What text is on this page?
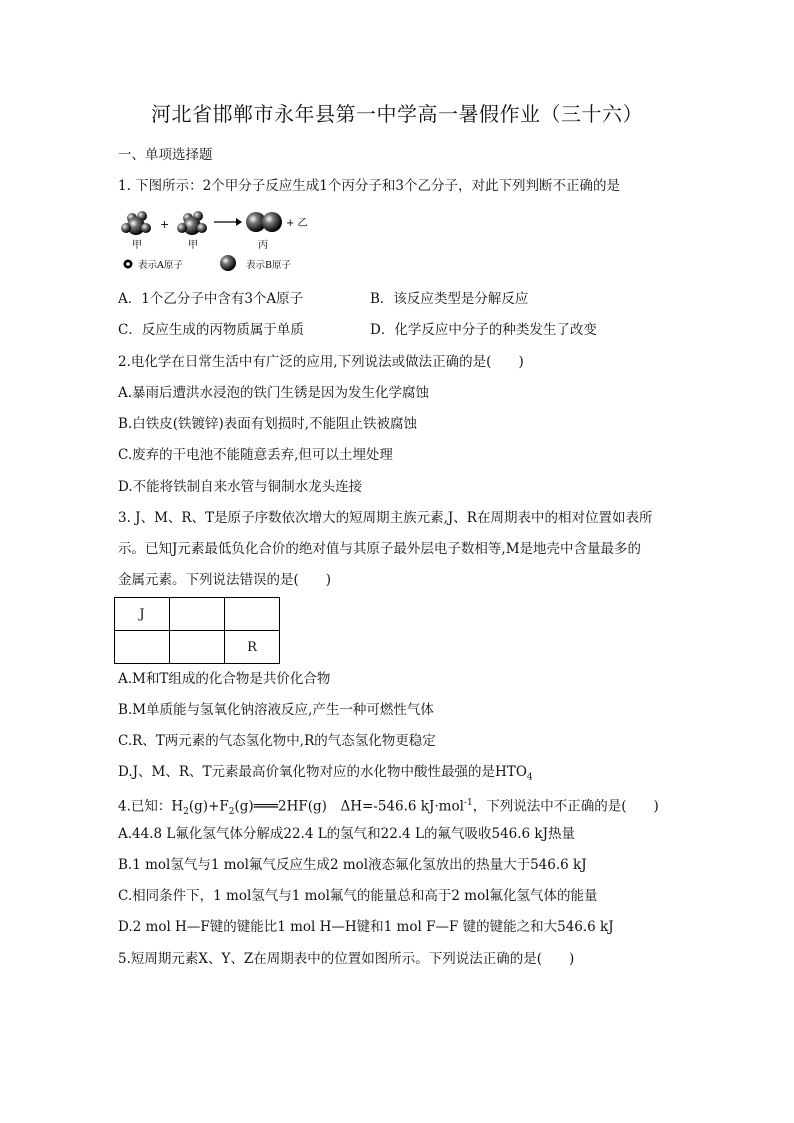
河北省邯郸市永年县第一中学高一暑假作业（三十六）
一、单项选择题
1. 下图所示：2个甲分子反应生成1个丙分子和3个乙分子，对此下列判断不正确的是
甲
+
甲	丙
+ 乙
表示A原子	表示B原子
A．1个乙分子中含有3个A原子	B．该反应类型是分解反应
C．反应生成的丙物质属于单质	D．化学反应中分子的种类发生了改变
2.电化学在日常生活中有广泛的应用,下列说法或做法正确的是(　　)
A.暴雨后遭洪水浸泡的铁门生锈是因为发生化学腐蚀
B.白铁皮(铁镀锌)表面有划损时,不能阻止铁被腐蚀
C.废弃的干电池不能随意丢弃,但可以土埋处理
D.不能将铁制自来水管与铜制水龙头连接
3. J、M、R、T是原子序数依次增大的短周期主族元素,J、R在周期表中的相对位置如表所
示。已知J元素最低负化合价的绝对值与其原子最外层电子数相等,M是地壳中含量最多的
金属元素。下列说法错误的是(　　)
J		
		R
A.M和T组成的化合物是共价化合物
B.M单质能与氢氧化钠溶液反应,产生一种可燃性气体
C.R、T两元素的气态氢化物中,R的气态氢化物更稳定
D.J、M、R、T元素最高价氧化物对应的水化物中酸性最强的是$HTO_4$
4.已知：$H_2(g)+F_2(g)═══2HF(g)$　ΔH=-546.6 kJ·mol$^{-1}$，下列说法中不正确的是(　　)
A.44.8 L氟化氢气体分解成22.4 L的氢气和22.4 L的氟气吸收546.6 kJ热量
B.1 mol氢气与1 mol氟气反应生成2 mol液态氟化氢放出的热量大于546.6 kJ
C.相同条件下，1 mol氢气与1 mol氟气的能量总和高于2 mol氟化氢气体的能量
D.2 mol H—F键的键能比1 mol H—H键和1 mol F—F 键的键能之和大546.6 kJ
5.短周期元素X、Y、Z在周期表中的位置如图所示。下列说法正确的是(　　)
